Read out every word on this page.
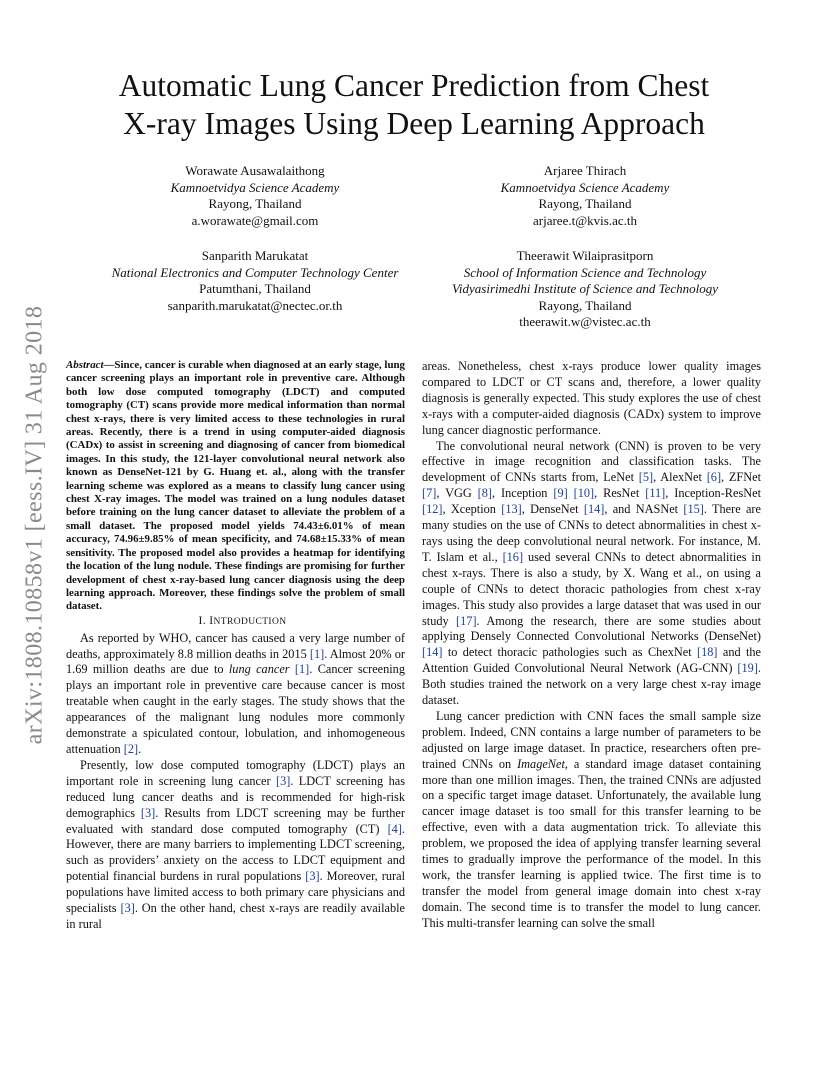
arXiv:1808.10858v1 [eess.IV] 31 Aug 2018
Automatic Lung Cancer Prediction from Chest
X-ray Images Using Deep Learning Approach
Worawate Ausawalaithong
Kamnoetvidya Science Academy
Rayong, Thailand
a.worawate@gmail.com
Arjaree Thirach
Kamnoetvidya Science Academy
Rayong, Thailand
arjaree.t@kvis.ac.th
Sanparith Marukatat
National Electronics and Computer Technology Center
Patumthani, Thailand
sanparith.marukatat@nectec.or.th
Theerawit Wilaiprasitporn
School of Information Science and Technology
Vidyasirimedhi Institute of Science and Technology
Rayong, Thailand
theerawit.w@vistec.ac.th

Abstract—Since, cancer is curable when diagnosed at an early stage, lung cancer screening plays an important role in preventive care. Although both low dose computed tomography (LDCT) and computed tomography (CT) scans provide more medical information than normal chest x-rays, there is very limited access to these technologies in rural areas. Recently, there is a trend in using computer-aided diagnosis (CADx) to assist in screening and diagnosing of cancer from biomedical images. In this study, the 121-layer convolutional neural network also known as DenseNet-121 by G. Huang et. al., along with the transfer learning scheme was explored as a means to classify lung cancer using chest X-ray images. The model was trained on a lung nodules dataset before training on the lung cancer dataset to alleviate the problem of a small dataset. The proposed model yields 74.43±6.01% of mean accuracy, 74.96±9.85% of mean specificity, and 74.68±15.33% of mean sensitivity. The proposed model also provides a heatmap for identifying the location of the lung nodule. These findings are promising for further development of chest x-ray-based lung cancer diagnosis using the deep learning approach. Moreover, these findings solve the problem of small dataset.

I. INTRODUCTION

As reported by WHO, cancer has caused a very large number of deaths, approximately 8.8 million deaths in 2015 [1]. Almost 20% or 1.69 million deaths are due to lung cancer [1]. Cancer screening plays an important role in preventive care because cancer is most treatable when caught in the early stages. The study shows that the appearances of the malignant lung nodules more commonly demonstrate a spiculated contour, lobulation, and inhomogeneous attenuation [2].

Presently, low dose computed tomography (LDCT) plays an important role in screening lung cancer [3]. LDCT screening has reduced lung cancer deaths and is recommended for high-risk demographics [3]. Results from LDCT screening may be further evaluated with standard dose computed tomography (CT) [4]. However, there are many barriers to implementing LDCT screening, such as providers’ anxiety on the access to LDCT equipment and potential financial burdens in rural populations [3]. Moreover, rural populations have limited access to both primary care physicians and specialists [3]. On the other hand, chest x-rays are readily available in rural

areas. Nonetheless, chest x-rays produce lower quality images compared to LDCT or CT scans and, therefore, a lower quality diagnosis is generally expected. This study explores the use of chest x-rays with a computer-aided diagnosis (CADx) system to improve lung cancer diagnostic performance.

The convolutional neural network (CNN) is proven to be very effective in image recognition and classification tasks. The development of CNNs starts from, LeNet [5], AlexNet [6], ZFNet [7], VGG [8], Inception [9] [10], ResNet [11], Inception-ResNet [12], Xception [13], DenseNet [14], and NASNet [15]. There are many studies on the use of CNNs to detect abnormalities in chest x-rays using the deep convolutional neural network. For instance, M. T. Islam et al., [16] used several CNNs to detect abnormalities in chest x-rays. There is also a study, by X. Wang et al., on using a couple of CNNs to detect thoracic pathologies from chest x-ray images. This study also provides a large dataset that was used in our study [17]. Among the research, there are some studies about applying Densely Connected Convolutional Networks (DenseNet) [14] to detect thoracic pathologies such as ChexNet [18] and the Attention Guided Convolutional Neural Network (AG-CNN) [19]. Both studies trained the network on a very large chest x-ray image dataset.

Lung cancer prediction with CNN faces the small sample size problem. Indeed, CNN contains a large number of parameters to be adjusted on large image dataset. In practice, researchers often pre-trained CNNs on ImageNet, a standard image dataset containing more than one million images. Then, the trained CNNs are adjusted on a specific target image dataset. Unfortunately, the available lung cancer image dataset is too small for this transfer learning to be effective, even with a data augmentation trick. To alleviate this problem, we proposed the idea of applying transfer learning several times to gradually improve the performance of the model. In this work, the transfer learning is applied twice. The first time is to transfer the model from general image domain into chest x-ray domain. The second time is to transfer the model to lung cancer. This multi-transfer learning can solve the small
